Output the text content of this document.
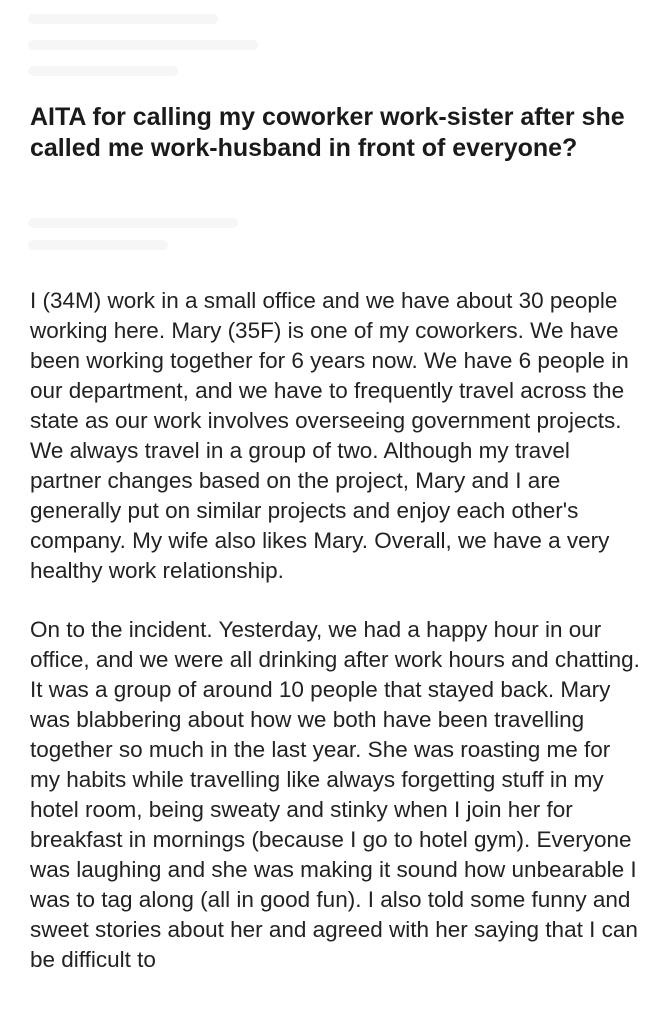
AITA for calling my coworker work-sister after she called me work-husband in front of everyone?

I (34M) work in a small office and we have about 30 people working here. Mary (35F) is one of my coworkers. We have been working together for 6 years now. We have 6 people in our department, and we have to frequently travel across the state as our work involves overseeing government projects. We always travel in a group of two. Although my travel partner changes based on the project, Mary and I are generally put on similar projects and enjoy each other's company. My wife also likes Mary. Overall, we have a very healthy work relationship.

On to the incident. Yesterday, we had a happy hour in our office, and we were all drinking after work hours and chatting. It was a group of around 10 people that stayed back. Mary was blabbering about how we both have been travelling together so much in the last year. She was roasting me for my habits while travelling like always forgetting stuff in my hotel room, being sweaty and stinky when I join her for breakfast in mornings (because I go to hotel gym). Everyone was laughing and she was making it sound how unbearable I was to tag along (all in good fun). I also told some funny and sweet stories about her and agreed with her saying that I can be difficult to
